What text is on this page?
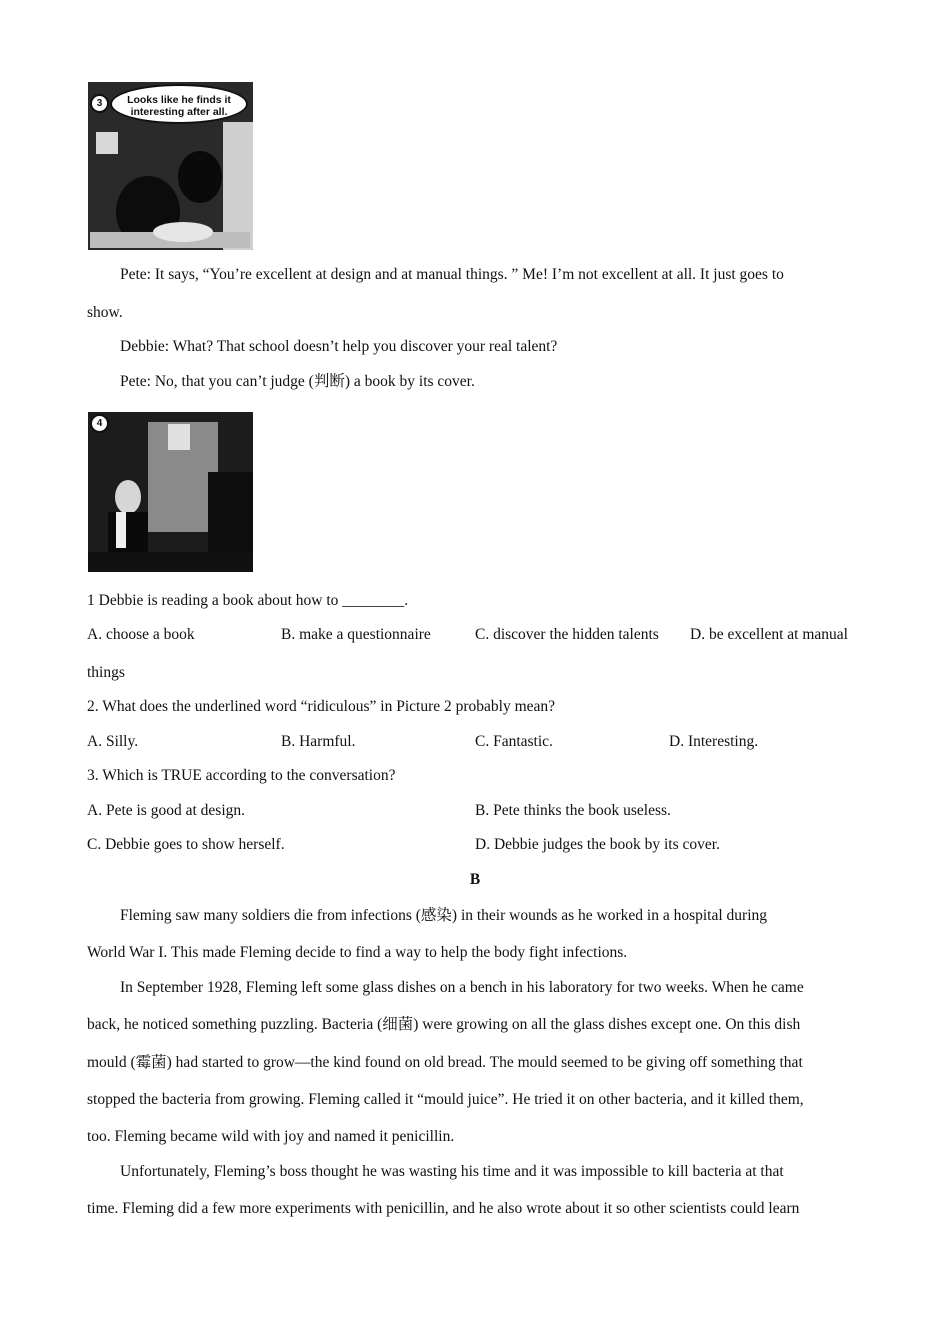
Looks like he finds it interesting after all.
3
Pete: It says, “You’re excellent at design and at manual things. ” Me! I’m not excellent at all. It just goes to
show.
Debbie: What? That school doesn’t help you discover your real talent?
Pete: No, that you can’t judge (判断) a book by its cover.
4
1 Debbie is reading a book about how to ________.
A. choose a book	B. make a questionnaire	C. discover the hidden talents D. be excellent at manual
things
2. What does the underlined word “ridiculous” in Picture 2 probably mean?
A. Silly.	B. Harmful.	C. Fantastic.	D. Interesting.
3. Which is TRUE according to the conversation?
A. Pete is good at design.	B. Pete thinks the book useless.
C. Debbie goes to show herself.	D. Debbie judges the book by its cover.
B
Fleming saw many soldiers die from infections (感染) in their wounds as he worked in a hospital during
World War I. This made Fleming decide to find a way to help the body fight infections.
In September 1928, Fleming left some glass dishes on a bench in his laboratory for two weeks. When he came
back, he noticed something puzzling. Bacteria (细菌) were growing on all the glass dishes except one. On this dish
mould (霉菌) had started to grow—the kind found on old bread. The mould seemed to be giving off something that
stopped the bacteria from growing. Fleming called it “mould juice”. He tried it on other bacteria, and it killed them,
too. Fleming became wild with joy and named it penicillin.
Unfortunately, Fleming’s boss thought he was wasting his time and it was impossible to kill bacteria at that
time. Fleming did a few more experiments with penicillin, and he also wrote about it so other scientists could learn
